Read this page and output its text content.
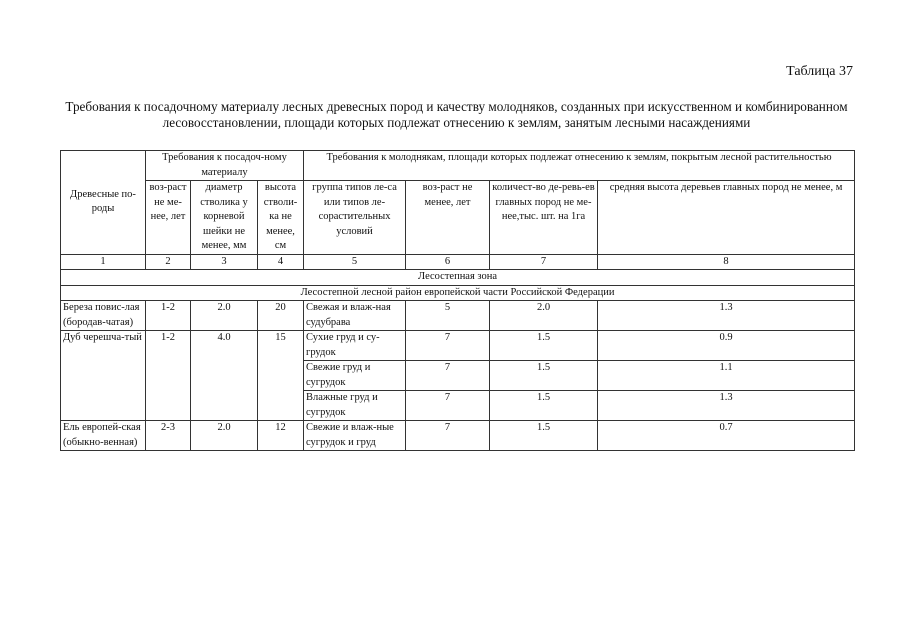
Таблица 37
Требования к посадочному материалу лесных древесных пород и качеству молодняков, созданных при искусственном и комбинированном лесовосстановлении, площади которых подлежат отнесению к землям, занятым лесными насаждениями
Древесные по-роды	Требования к посадоч-ному материалу			Требования к молоднякам, площади которых подлежат отнесению к землям, покрытым лесной растительностью			
	воз-раст не ме-нее, лет	диаметр стволика у корневой шейки не менее, мм	высота стволи-ка не менее, см	группа типов ле-са или типов ле-сорастительных условий	воз-раст не менее, лет	количест-во де-ревь-ев главных пород не ме-нее,тыс. шт. на 1га	средняя высота деревьев главных пород не менее, м
1	2	3	4	5	6	7	8
Лесостепная зона							
Лесостепной лесной район европейской части Российской Федерации							
Береза повис-лая (бородав-чатая)	1-2	2.0	20	Свежая и влаж-ная судубрава	5	2.0	1.3
Дуб черешча-тый	1-2	4.0	15	Сухие груд и су-грудок	7	1.5	0.9
				Свежие груд и сугрудок	7	1.5	1.1
				Влажные груд и сугрудок	7	1.5	1.3
Ель европей-ская (обыкно-венная)	2-3	2.0	12	Свежие и влаж-ные сугрудок и груд	7	1.5	0.7
